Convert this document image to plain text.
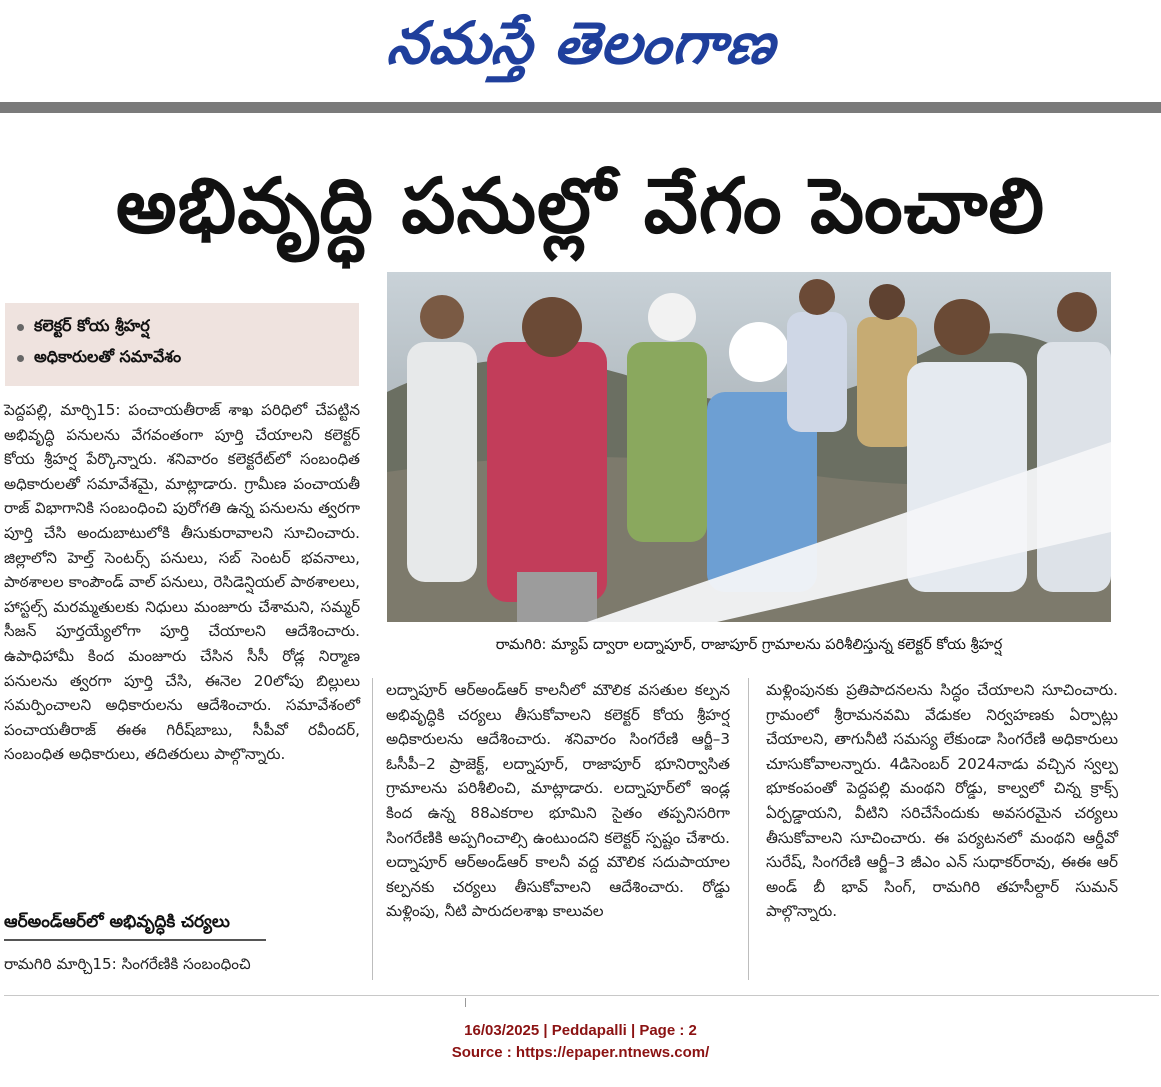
నమస్తే తెలంగాణ
అభివృద్ధి పనుల్లో వేగం పెంచాలి
కలెక్టర్ కోయ శ్రీహర్ష
అధికారులతో సమావేశం

పెద్దపల్లి, మార్చి15: పంచాయతీరాజ్ శాఖ పరిధిలో చేపట్టిన అభివృద్ధి పనులను వేగవంతంగా పూర్తి చేయాలని కలెక్టర్ కోయ శ్రీహర్ష పేర్కొన్నారు. శనివారం కలెక్టరేట్‌లో సంబంధిత అధికారులతో సమావేశమై, మాట్లాడారు. గ్రామీణ పంచాయతీ రాజ్ విభాగానికి సంబంధించి పురోగతి ఉన్న పనులను త్వరగా పూర్తి చేసి అందుబాటులోకి తీసుకురావాలని సూచించారు. జిల్లాలోని హెల్త్ సెంటర్స్ పనులు, సబ్ సెంటర్ భవనాలు, పాఠశాలల కాంపౌండ్ వాల్ పనులు, రెసిడెన్షియల్ పాఠశాలలు, హాస్టల్స్ మరమ్మతులకు నిధులు మంజూరు చేశామని, సమ్మర్ సీజన్ పూర్తయ్యేలోగా పూర్తి చేయాలని ఆదేశించారు. ఉపాధిహామీ కింద మంజూరు చేసిన సీసీ రోడ్ల నిర్మాణ పనులను త్వరగా పూర్తి చేసి, ఈనెల 20లోపు బిల్లులు సమర్పించాలని అధికారులను ఆదేశించారు. సమావేశంలో పంచాయతీరాజ్ ఈఈ గిరీష్‌బాబు, సీపీవో రవీందర్, సంబంధిత అధికారులు, తదితరులు పాల్గొన్నారు.

ఆర్‌అండ్‌ఆర్‌లో అభివృద్ధికి చర్యలు

రామగిరి మార్చి15: సింగరేణికి సంబంధించి

రామగిరి: మ్యాప్ ద్వారా లద్నాపూర్, రాజాపూర్ గ్రామాలను పరిశీలిస్తున్న కలెక్టర్ కోయ శ్రీహర్ష

లద్నాపూర్ ఆర్‌అండ్‌ఆర్ కాలనీలో మౌలిక వసతుల కల్పన అభివృద్ధికి చర్యలు తీసుకోవాలని కలెక్టర్ కోయ శ్రీహర్ష అధికారులను ఆదేశించారు. శనివారం సింగరేణి ఆర్జీ–3 ఓసీపీ–2 ప్రాజెక్ట్, లద్నాపూర్, రాజాపూర్ భూనిర్వాసిత గ్రామాలను పరిశీలించి, మాట్లాడారు. లద్నాపూర్‌లో ఇండ్ల కింద ఉన్న 88ఎకరాల భూమిని సైతం తప్పనిసరిగా సింగరేణికి అప్పగించాల్సి ఉంటుందని కలెక్టర్ స్పష్టం చేశారు. లద్నాపూర్ ఆర్‌అండ్‌ఆర్ కాలనీ వద్ద మౌలిక సదుపాయాల కల్పనకు చర్యలు తీసుకోవాలని ఆదేశించారు. రోడ్డు మళ్లింపు, నీటి పారుదలశాఖ కాలువల

మళ్లింపునకు ప్రతిపాదనలను సిద్ధం చేయాలని సూచించారు. గ్రామంలో శ్రీరామనవమి వేడుకల నిర్వహణకు ఏర్పాట్లు చేయాలని, తాగునీటి సమస్య లేకుండా సింగరేణి అధికారులు చూసుకోవాలన్నారు. 4డిసెంబర్ 2024నాడు వచ్చిన స్వల్ప భూకంపంతో పెద్దపల్లి మంథని రోడ్డు, కాల్వలో చిన్న క్రాక్స్ ఏర్పడ్డాయని, వీటిని సరిచేసేందుకు అవసరమైన చర్యలు తీసుకోవాలని సూచించారు. ఈ పర్యటనలో మంథని ఆర్డీవో సురేష్, సింగరేణి ఆర్జీ–3 జీఎం ఎన్ సుధాకర్‌రావు, ఈఈ ఆర్ అండ్ బీ భావ్ సింగ్, రామగిరి తహసీల్దార్ సుమన్ పాల్గొన్నారు.

16/03/2025 | Peddapalli | Page : 2
Source : https://epaper.ntnews.com/
